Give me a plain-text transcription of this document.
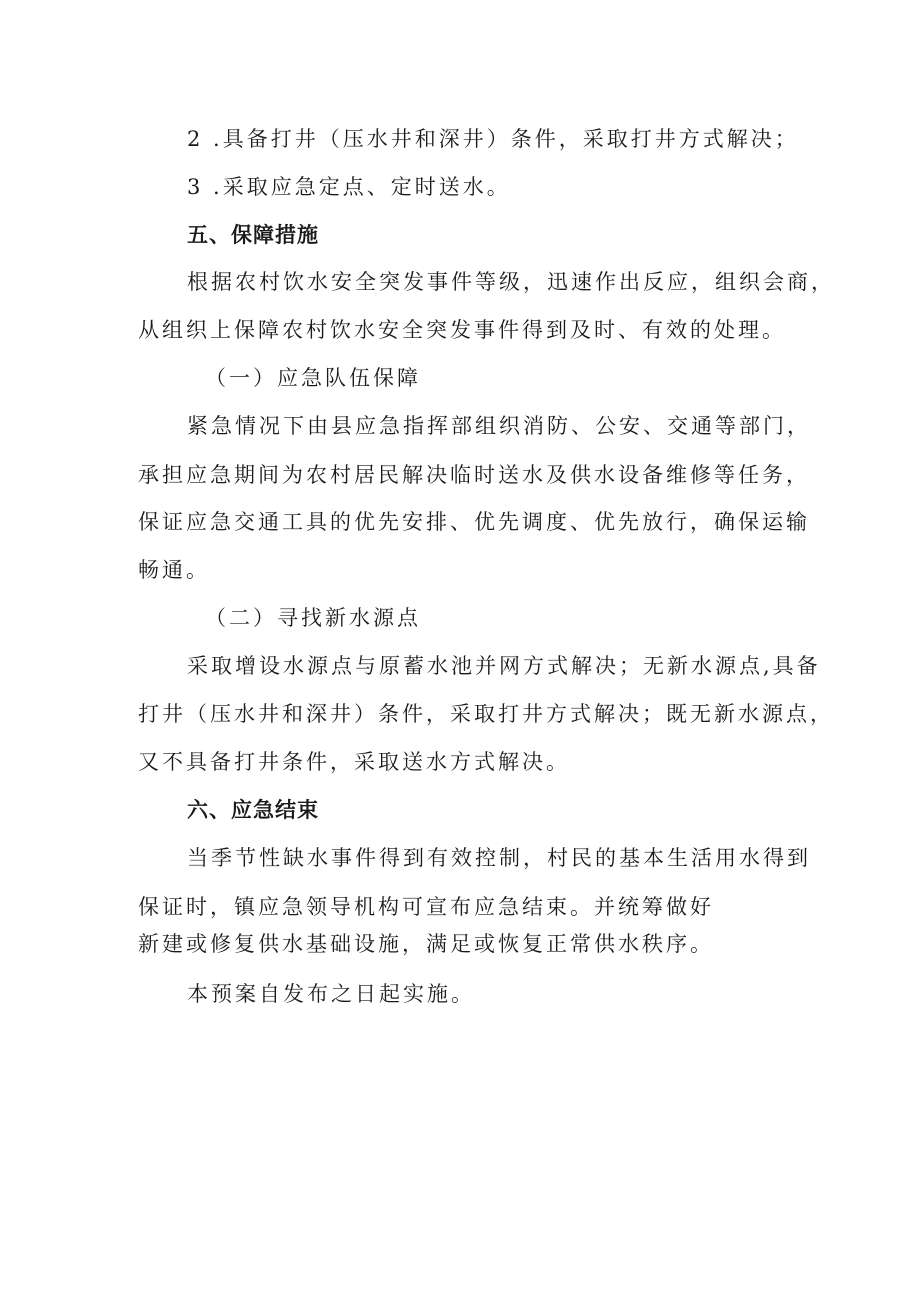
2 .具备打井（压水井和深井）条件，采取打井方式解决；
3 .采取应急定点、定时送水。
五、保障措施
根据农村饮水安全突发事件等级，迅速作出反应，组织会商，
从组织上保障农村饮水安全突发事件得到及时、有效的处理。
（一）应急队伍保障
紧急情况下由县应急指挥部组织消防、公安、交通等部门，
承担应急期间为农村居民解决临时送水及供水设备维修等任务，
保证应急交通工具的优先安排、优先调度、优先放行，确保运输
畅通。
（二）寻找新水源点
采取增设水源点与原蓄水池并网方式解决；无新水源点,具备
打井（压水井和深井）条件，采取打井方式解决；既无新水源点，
又不具备打井条件，采取送水方式解决。
六、应急结束
当季节性缺水事件得到有效控制，村民的基本生活用水得到
保证时，镇应急领导机构可宣布应急结束。并统筹做好
新建或修复供水基础设施，满足或恢复正常供水秩序。
本预案自发布之日起实施。
